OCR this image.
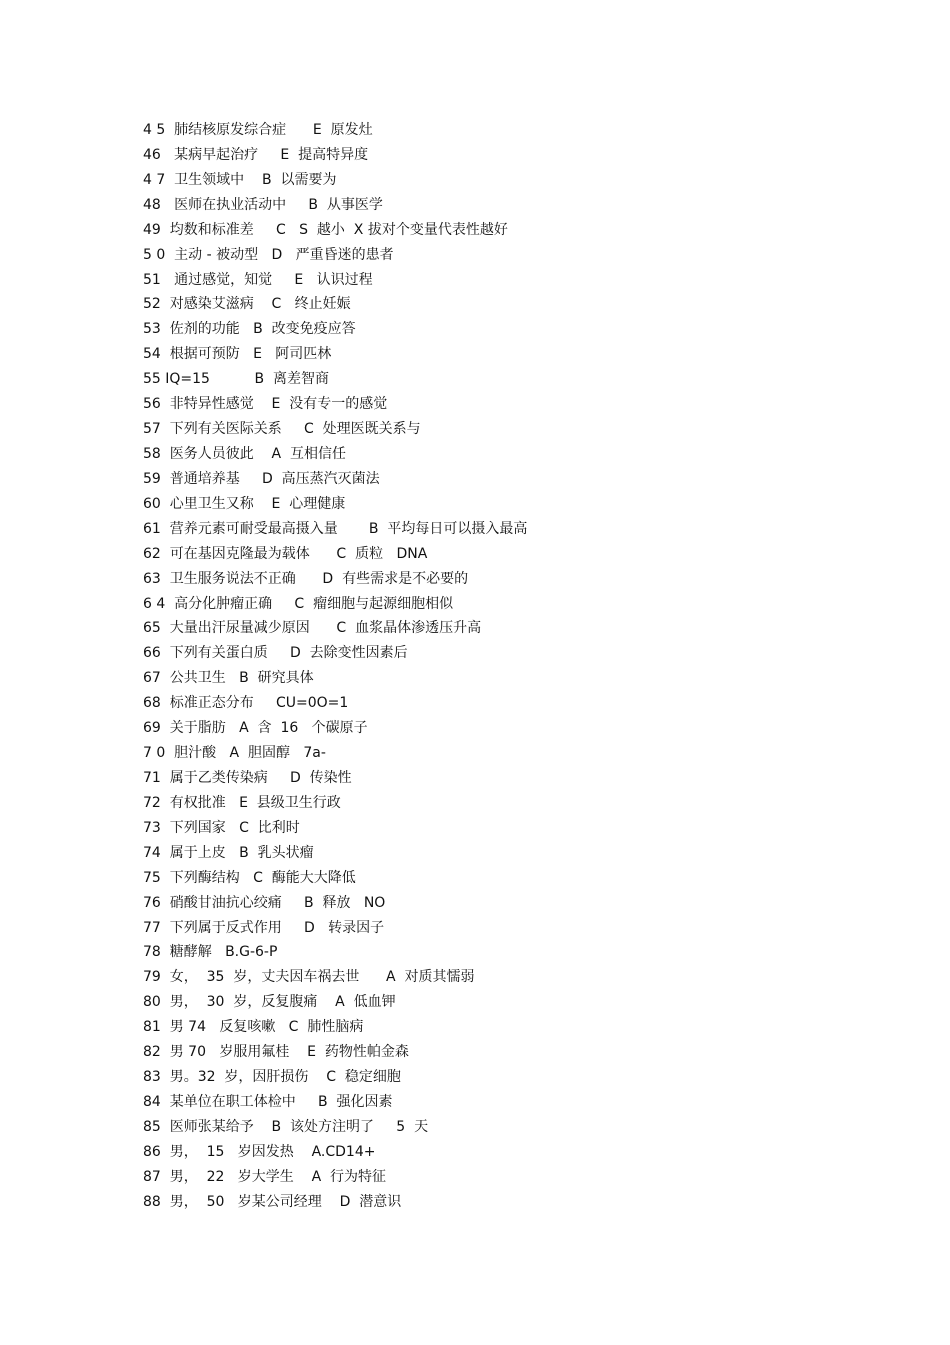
4 5  肺结核原发综合症      E  原发灶
46   某病早起治疗     E  提高特异度
4 7  卫生领域中    B  以需要为
48   医师在执业活动中     B  从事医学
49  均数和标准差     C   S  越小  X 拔对个变量代表性越好
5 0  主动 - 被动型   D   严重昏迷的患者
51   通过感觉，知觉     E   认识过程
52  对感染艾滋病    C   终止妊娠
53  佐剂的功能   B  改变免疫应答
54  根据可预防   E   阿司匹林
55 IQ=15          B  离差智商
56  非特异性感觉    E  没有专一的感觉
57  下列有关医际关系     C  处理医既关系与
58  医务人员彼此    A  互相信任
59  普通培养基     D  高压蒸汽灭菌法
60  心里卫生又称    E  心理健康
61  营养元素可耐受最高摄入量       B  平均每日可以摄入最高
62  可在基因克隆最为载体      C  质粒   DNA
63  卫生服务说法不正确      D  有些需求是不必要的
6 4  高分化肿瘤正确     C  瘤细胞与起源细胞相似
65  大量出汗尿量减少原因      C  血浆晶体渗透压升高
66  下列有关蛋白质     D  去除变性因素后
67  公共卫生   B  研究具体
68  标准正态分布     CU=0O=1
69  关于脂肪   A  含  16   个碳原子
7 0  胆汁酸   A  胆固醇   7a-
71  属于乙类传染病     D  传染性
72  有权批准   E  县级卫生行政
73  下列国家   C  比利时
74  属于上皮   B  乳头状瘤
75  下列酶结构   C  酶能大大降低
76  硝酸甘油抗心绞痛     B  释放   NO
77  下列属于反式作用     D   转录因子
78  糖酵解   B.G-6-P
79  女，  35  岁，丈夫因车祸去世      A  对质其懦弱
80  男，  30  岁，反复腹痛    A  低血钾
81  男 74   反复咳嗽   C  肺性脑病
82  男 70   岁服用氟桂    E  药物性帕金森
83  男。32  岁，因肝损伤    C  稳定细胞
84  某单位在职工体检中     B  强化因素
85  医师张某给予    B  该处方注明了     5  天
86  男，  15   岁因发热    A.CD14+
87  男，  22   岁大学生    A  行为特征
88  男，  50   岁某公司经理    D  潜意识
